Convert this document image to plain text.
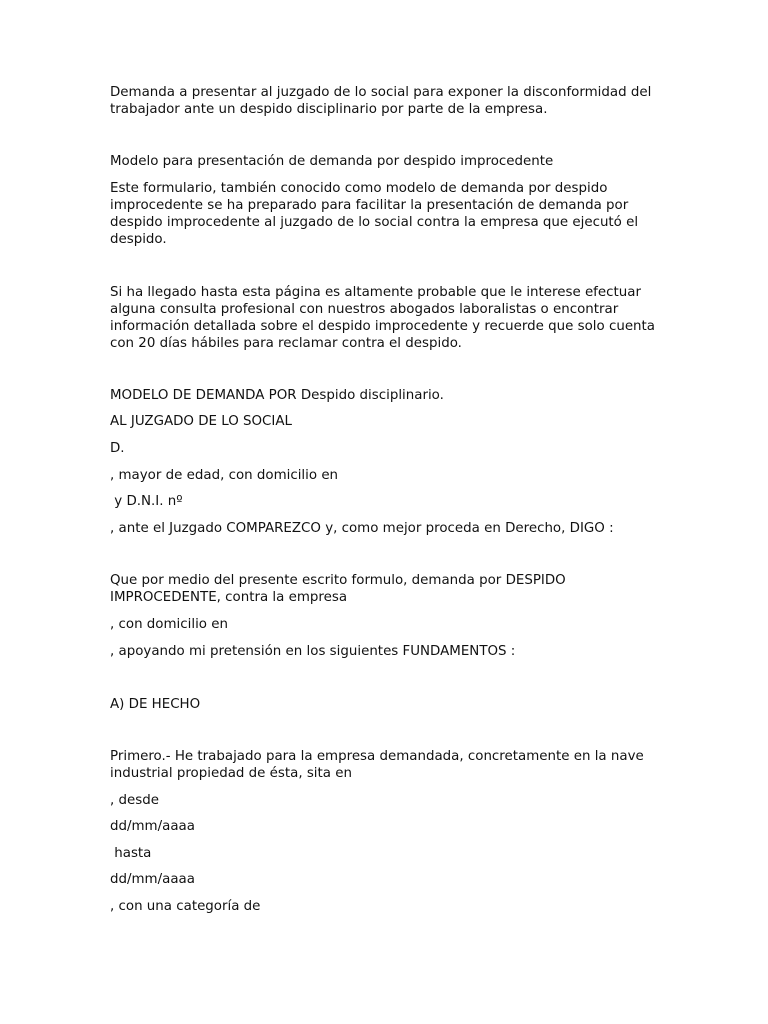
Demanda a presentar al juzgado de lo social para exponer la disconformidad del trabajador ante un despido disciplinario por parte de la empresa.

Modelo para presentación de demanda por despido improcedente

Este formulario, también conocido como modelo de demanda por despido improcedente se ha preparado para facilitar la presentación de demanda por despido improcedente al juzgado de lo social contra la empresa que ejecutó el despido.

Si ha llegado hasta esta página es altamente probable que le interese efectuar alguna consulta profesional con nuestros abogados laboralistas o encontrar información detallada sobre el despido improcedente y recuerde que solo cuenta con 20 días hábiles para reclamar contra el despido.

MODELO DE DEMANDA POR Despido disciplinario.

AL JUZGADO DE LO SOCIAL

D.

, mayor de edad, con domicilio en

y D.N.I. nº

, ante el Juzgado COMPAREZCO y, como mejor proceda en Derecho, DIGO :

Que por medio del presente escrito formulo, demanda por DESPIDO IMPROCEDENTE, contra la empresa

, con domicilio en

, apoyando mi pretensión en los siguientes FUNDAMENTOS :

A) DE HECHO

Primero.- He trabajado para la empresa demandada, concretamente en la nave industrial propiedad de ésta, sita en

, desde

dd/mm/aaaa

hasta

dd/mm/aaaa

, con una categoría de
